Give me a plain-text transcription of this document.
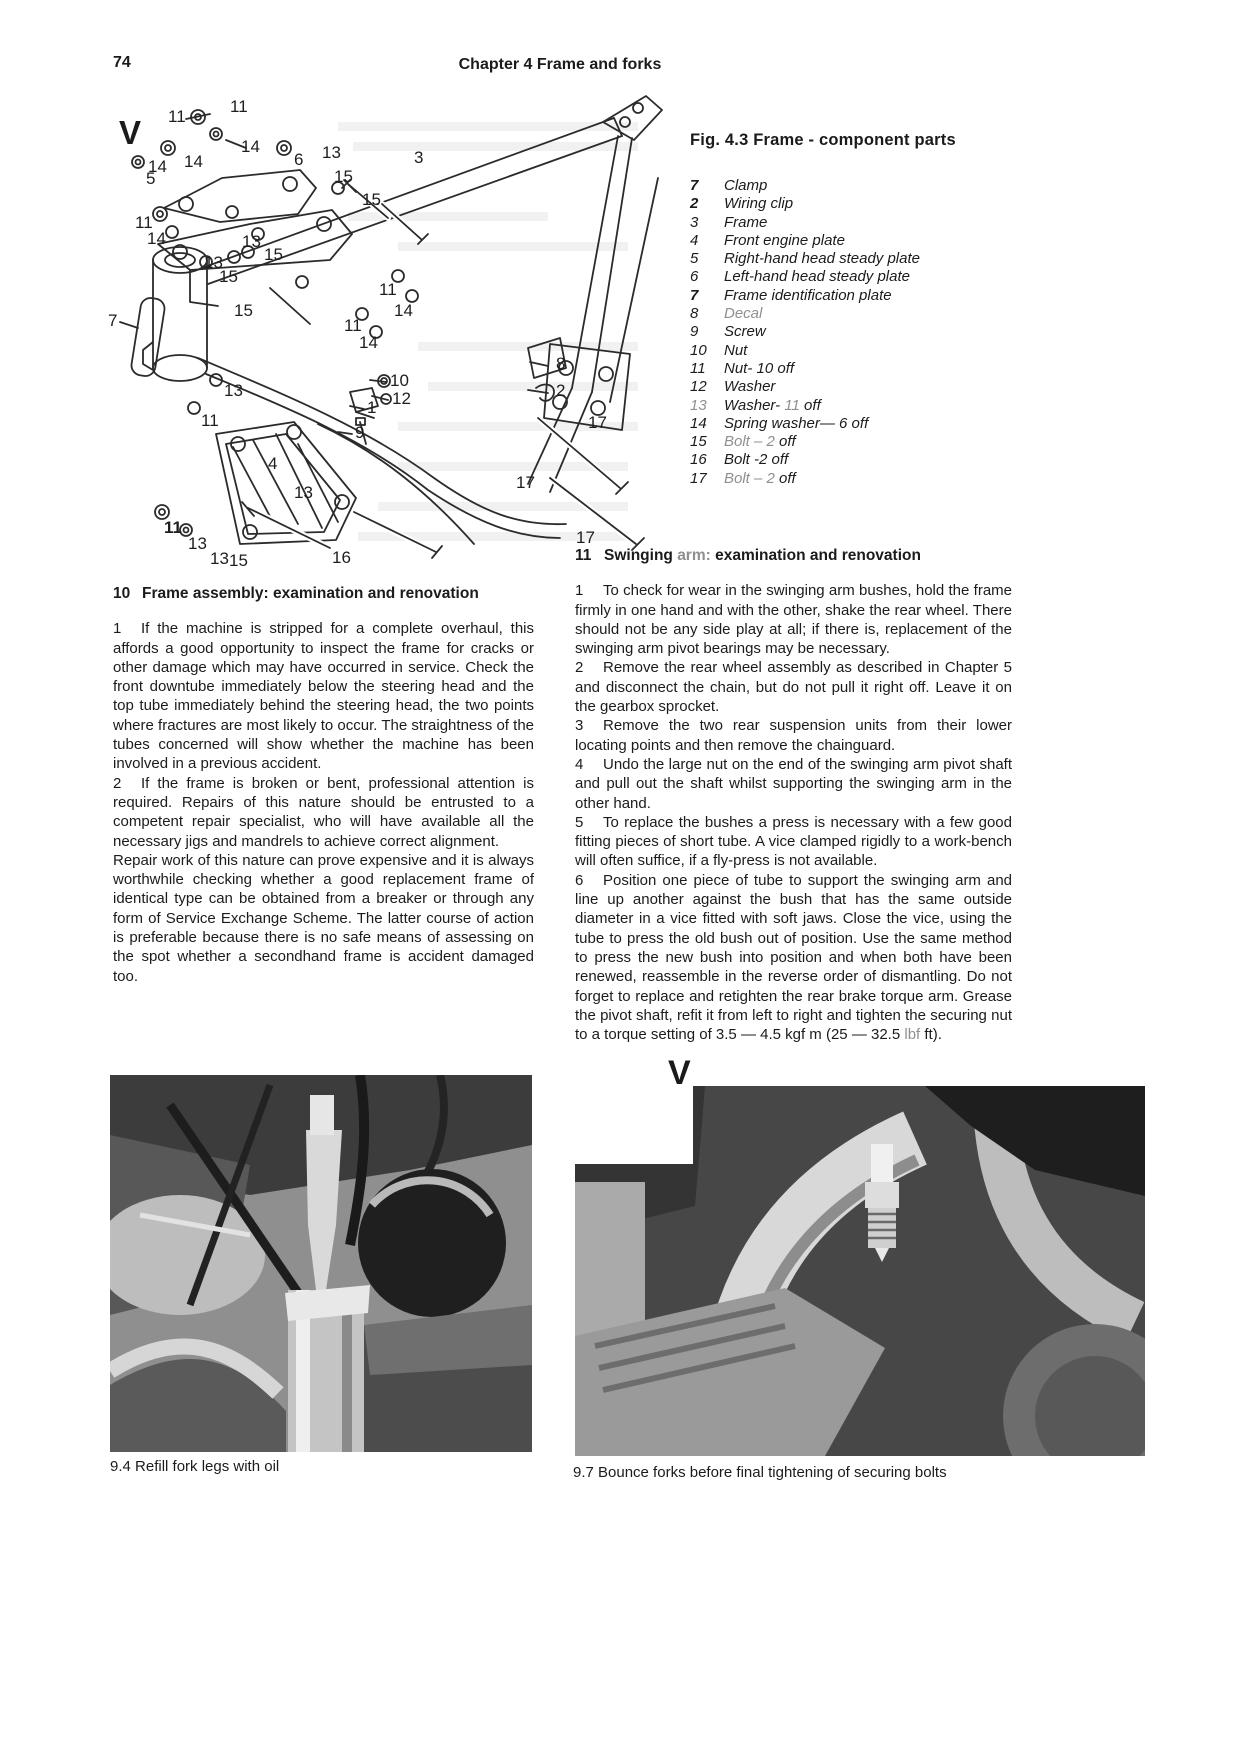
74	Chapter 4 Frame and forks
11
11
14
14
14
5
6 13
15
3
15
11
14	13
15
13
15
15
7
11
14
11
14
8
2
17
10
12
1
9
13
11
4
13
11
13
13 15	16
17
17
V	Fig. 4.3 Frame - component parts
7	Clamp
2	Wiring clip
3	Frame
4	Front engine plate
5	Right-hand head steady plate
6	Left-hand head steady plate
7	Frame identification plate
8	Decal
9	Screw
10	Nut
11	Nut- 10 off
12	Washer
13	Washer- 11 off
14	Spring washer— 6 off
15	Bolt – 2 off
16	Bolt -2 off
17	Bolt – 2 off
10 Frame assembly: examination and renovation

1 If the machine is stripped for a complete overhaul, this affords a good opportunity to inspect the frame for cracks or other damage which may have occurred in service. Check the front downtube immediately below the steering head and the top tube immediately behind the steering head, the two points where fractures are most likely to occur. The straightness of the tubes concerned will show whether the machine has been involved in a previous accident.

2 If the frame is broken or bent, professional attention is required. Repairs of this nature should be entrusted to a competent repair specialist, who will have available all the necessary jigs and mandrels to achieve correct alignment.

Repair work of this nature can prove expensive and it is always worthwhile checking whether a good replacement frame of identical type can be obtained from a breaker or through any form of Service Exchange Scheme. The latter course of action is preferable because there is no safe means of assessing on the spot whether a secondhand frame is accident damaged too.

11 Swinging arm: examination and renovation

1 To check for wear in the swinging arm bushes, hold the frame firmly in one hand and with the other, shake the rear wheel. There should not be any side play at all; if there is, replacement of the swinging arm pivot bearings may be necessary.

2 Remove the rear wheel assembly as described in Chapter 5 and disconnect the chain, but do not pull it right off. Leave it on the gearbox sprocket.

3 Remove the two rear suspension units from their lower locating points and then remove the chainguard.

4 Undo the large nut on the end of the swinging arm pivot shaft and pull out the shaft whilst supporting the swinging arm in the other hand.

5 To replace the bushes a press is necessary with a few good fitting pieces of short tube. A vice clamped rigidly to a work-bench will often suffice, if a fly-press is not available.

6 Position one piece of tube to support the swinging arm and line up another against the bush that has the same outside diameter in a vice fitted with soft jaws. Close the vice, using the tube to press the old bush out of position. Use the same method to press the new bush into position and when both have been renewed, reassemble in the reverse order of dismantling. Do not forget to replace and retighten the rear brake torque arm. Grease the pivot shaft, refit it from left to right and tighten the securing nut to a torque setting of 3.5 — 4.5 kgf m (25 — 32.5 lbf ft).

V
9.4 Refill fork legs with oil	9.7 Bounce forks before final tightening of securing bolts
